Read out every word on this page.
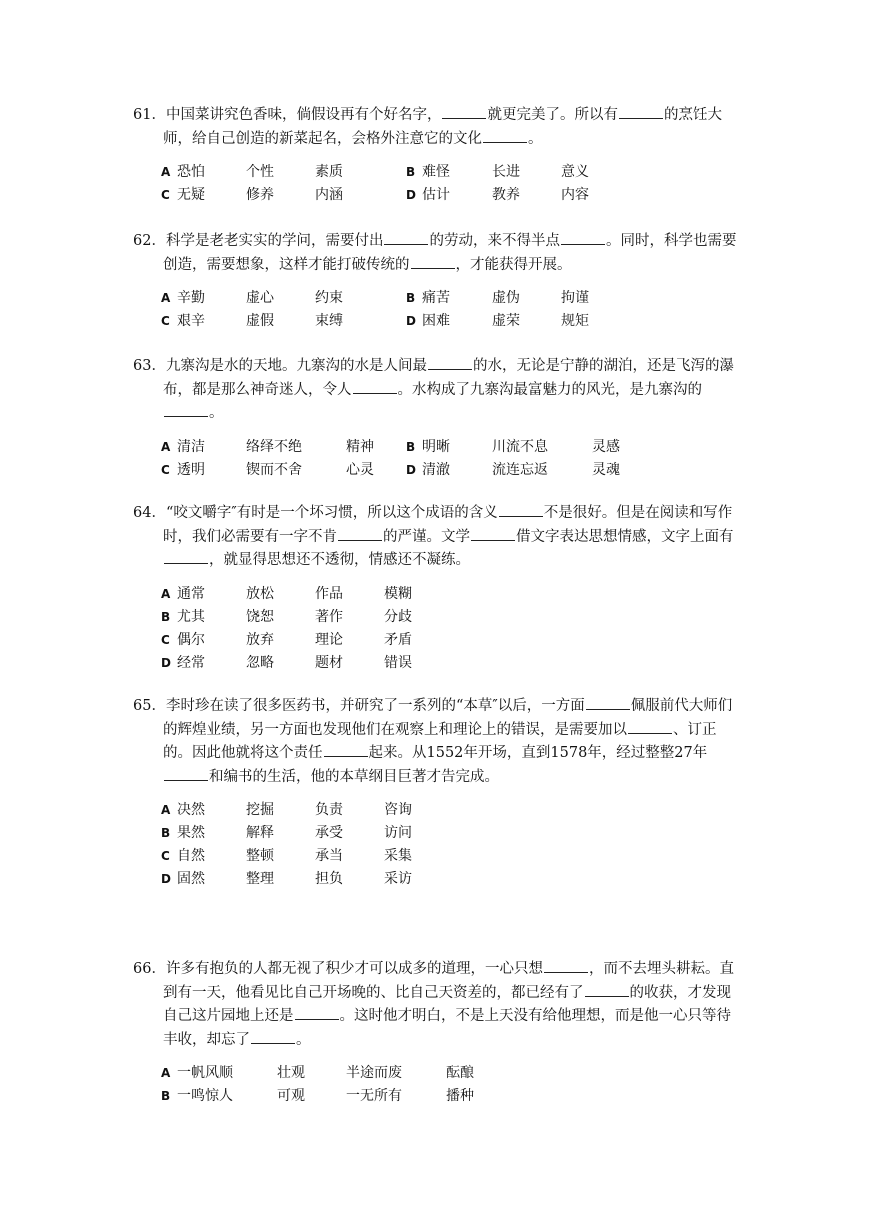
61．中国菜讲究色香味，倘假设再有个好名字，	就更完美了。所以有	的烹饪大师，给自己创造的新菜起名，会格外注意它的文化	。
A 恐怕	个性	素质	B 难怪	长进	意义
C 无疑	修养	内涵	D 估计	教养	内容
62．科学是老老实实的学问，需要付出	的劳动，来不得半点	。同时，科学也需要创造，需要想象，这样才能打破传统的	，才能获得开展。
A 辛勤	虚心	约束	B 痛苦	虚伪	拘谨
C 艰辛	虚假	束缚	D 困难	虚荣	规矩
63．九寨沟是水的天地。九寨沟的水是人间最	的水，无论是宁静的湖泊，还是飞泻的瀑布，都是那么神奇迷人，令人	。水构成了九寨沟最富魅力的风光，是九寨沟的。
A 清洁	络绎不绝	精神	B 明晰	川流不息	灵感
C 透明	锲而不舍	心灵	D 清澈	流连忘返	灵魂
64．“咬文嚼字″有时是一个坏习惯，所以这个成语的含义	不是很好。但是在阅读和写作时，我们必需要有一字不肯	的严谨。文学	借文字表达思想情感，文字上面有，就显得思想还不透彻，情感还不凝练。
A 通常	放松	作品	模糊
B 尤其	饶恕	著作	分歧
C 偶尔	放弃	理论	矛盾
D 经常	忽略	题材	错误
65．李时珍在读了很多医药书，并研究了一系列的“本草″以后，一方面	佩服前代大师们的辉煌业绩，另一方面也发现他们在观察上和理论上的错误，是需要加以	、订正的。因此他就将这个责任	起来。从1552年开场，直到1578年，经过整整27年和编书的生活，他的本草纲目巨著才告完成。
A 决然	挖掘	负责	咨询
B 果然	解释	承受	访问
C 自然	整顿	承当	采集
D 固然	整理	担负	采访
66．许多有抱负的人都无视了积少才可以成多的道理，一心只想	，而不去埋头耕耘。直到有一天，他看见比自己开场晚的、比自己天资差的，都已经有了	的收获，才发现自己这片园地上还是	。这时他才明白，不是上天没有给他理想，而是他一心只等待丰收，却忘了	。
A 一帆风顺	壮观	半途而废	酝酿
B 一鸣惊人	可观	一无所有	播种
